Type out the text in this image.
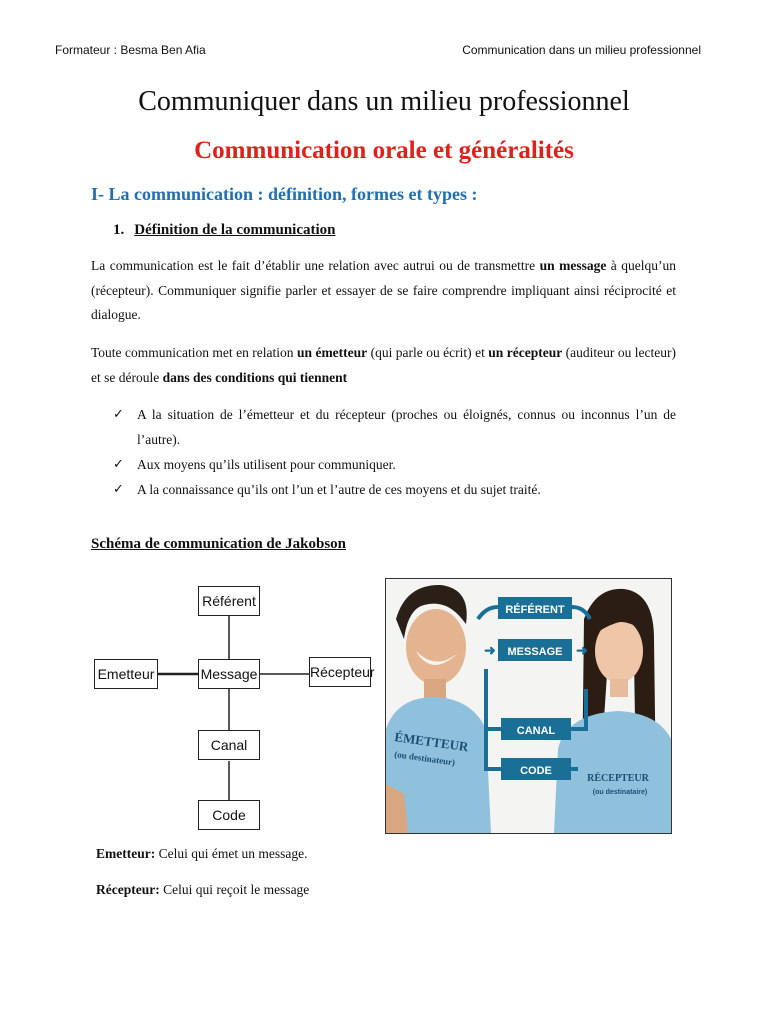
Formateur : Besma Ben Afia	Communication dans un milieu professionnel
Communiquer dans un milieu professionnel
Communication orale et généralités
I- La communication : définition, formes et types :
1. Définition de la communication
La communication est le fait d’établir une relation avec autrui ou de transmettre un message à quelqu’un (récepteur). Communiquer signifie parler et essayer de se faire comprendre impliquant ainsi réciprocité et dialogue.
Toute communication met en relation un émetteur (qui parle ou écrit) et un récepteur (auditeur ou lecteur) et se déroule dans des conditions qui tiennent
✓ A la situation de l’émetteur et du récepteur (proches ou éloignés, connus ou inconnus l’un de l’autre).
✓ Aux moyens qu’ils utilisent pour communiquer.
✓ A la connaissance qu’ils ont l’un et l’autre de ces moyens et du sujet traité.
Schéma de communication de Jakobson
Référent
Emetteur	Message	Récepteur
Canal
Code
➜	➜
RÉFÉRENT
MESSAGE
CANAL
CODE
ÉMETTEUR
(ou destinateur)
RÉCEPTEUR
(ou destinataire)
Emetteur: Celui qui émet un message.
Récepteur: Celui qui reçoit le message
